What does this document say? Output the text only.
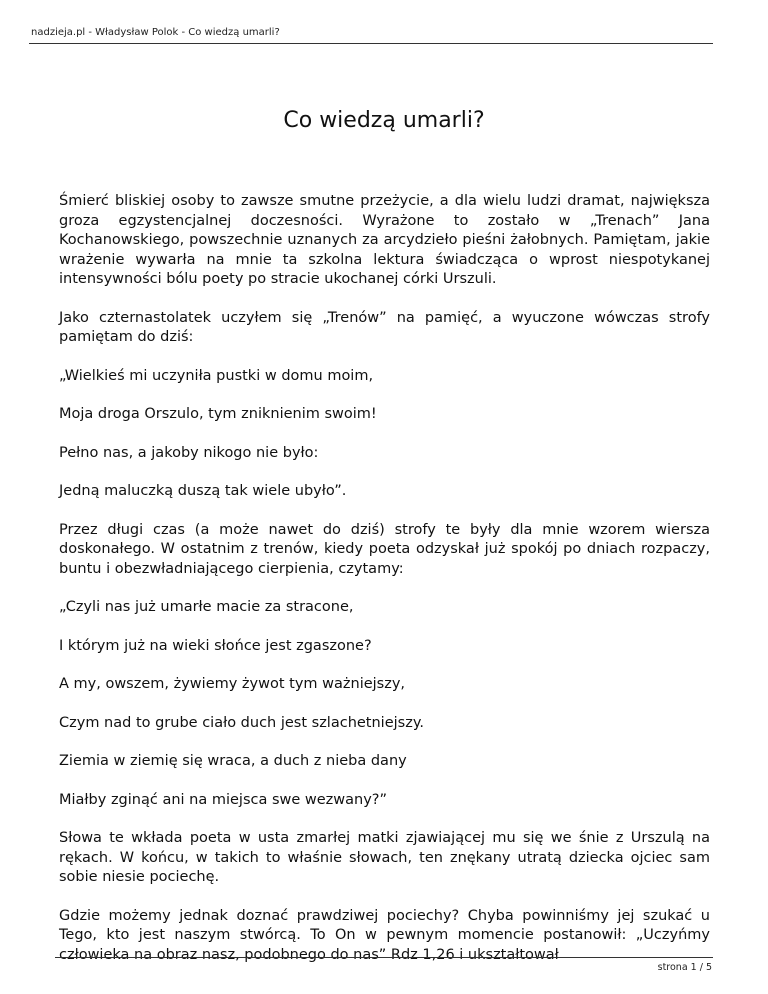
nadzieja.pl - Władysław Polok - Co wiedzą umarli?
Co wiedzą umarli?

Śmierć bliskiej osoby to zawsze smutne przeżycie, a dla wielu ludzi dramat, największa groza egzystencjalnej doczesności. Wyrażone to zostało w „Trenach” Jana Kochanowskiego, powszechnie uznanych za arcydzieło pieśni żałobnych. Pamiętam, jakie wrażenie wywarła na mnie ta szkolna lektura świadcząca o wprost niespotykanej intensywności bólu poety po stracie ukochanej córki Urszuli.

Jako czternastolatek uczyłem się „Trenów” na pamięć, a wyuczone wówczas strofy pamiętam do dziś:

„Wielkieś mi uczyniła pustki w domu moim,

Moja droga Orszulo, tym zniknienim swoim!

Pełno nas, a jakoby nikogo nie było:

Jedną maluczką duszą tak wiele ubyło”.

Przez długi czas (a może nawet do dziś) strofy te były dla mnie wzorem wiersza doskonałego. W ostatnim z trenów, kiedy poeta odzyskał już spokój po dniach rozpaczy, buntu i obezwładniającego cierpienia, czytamy:

„Czyli nas już umarłe macie za stracone,

I którym już na wieki słońce jest zgaszone?

A my, owszem, żywiemy żywot tym ważniejszy,

Czym nad to grube ciało duch jest szlachetniejszy.

Ziemia w ziemię się wraca, a duch z nieba dany

Miałby zginąć ani na miejsca swe wezwany?”

Słowa te wkłada poeta w usta zmarłej matki zjawiającej mu się we śnie z Urszulą na rękach. W końcu, w takich to właśnie słowach, ten znękany utratą dziecka ojciec sam sobie niesie pociechę.

Gdzie możemy jednak doznać prawdziwej pociechy? Chyba powinniśmy jej szukać u Tego, kto jest naszym stwórcą. To On w pewnym momencie postanowił: „Uczyńmy człowieka na obraz nasz, podobnego do nas” Rdz 1,26 i ukształtował

strona 1 / 5
